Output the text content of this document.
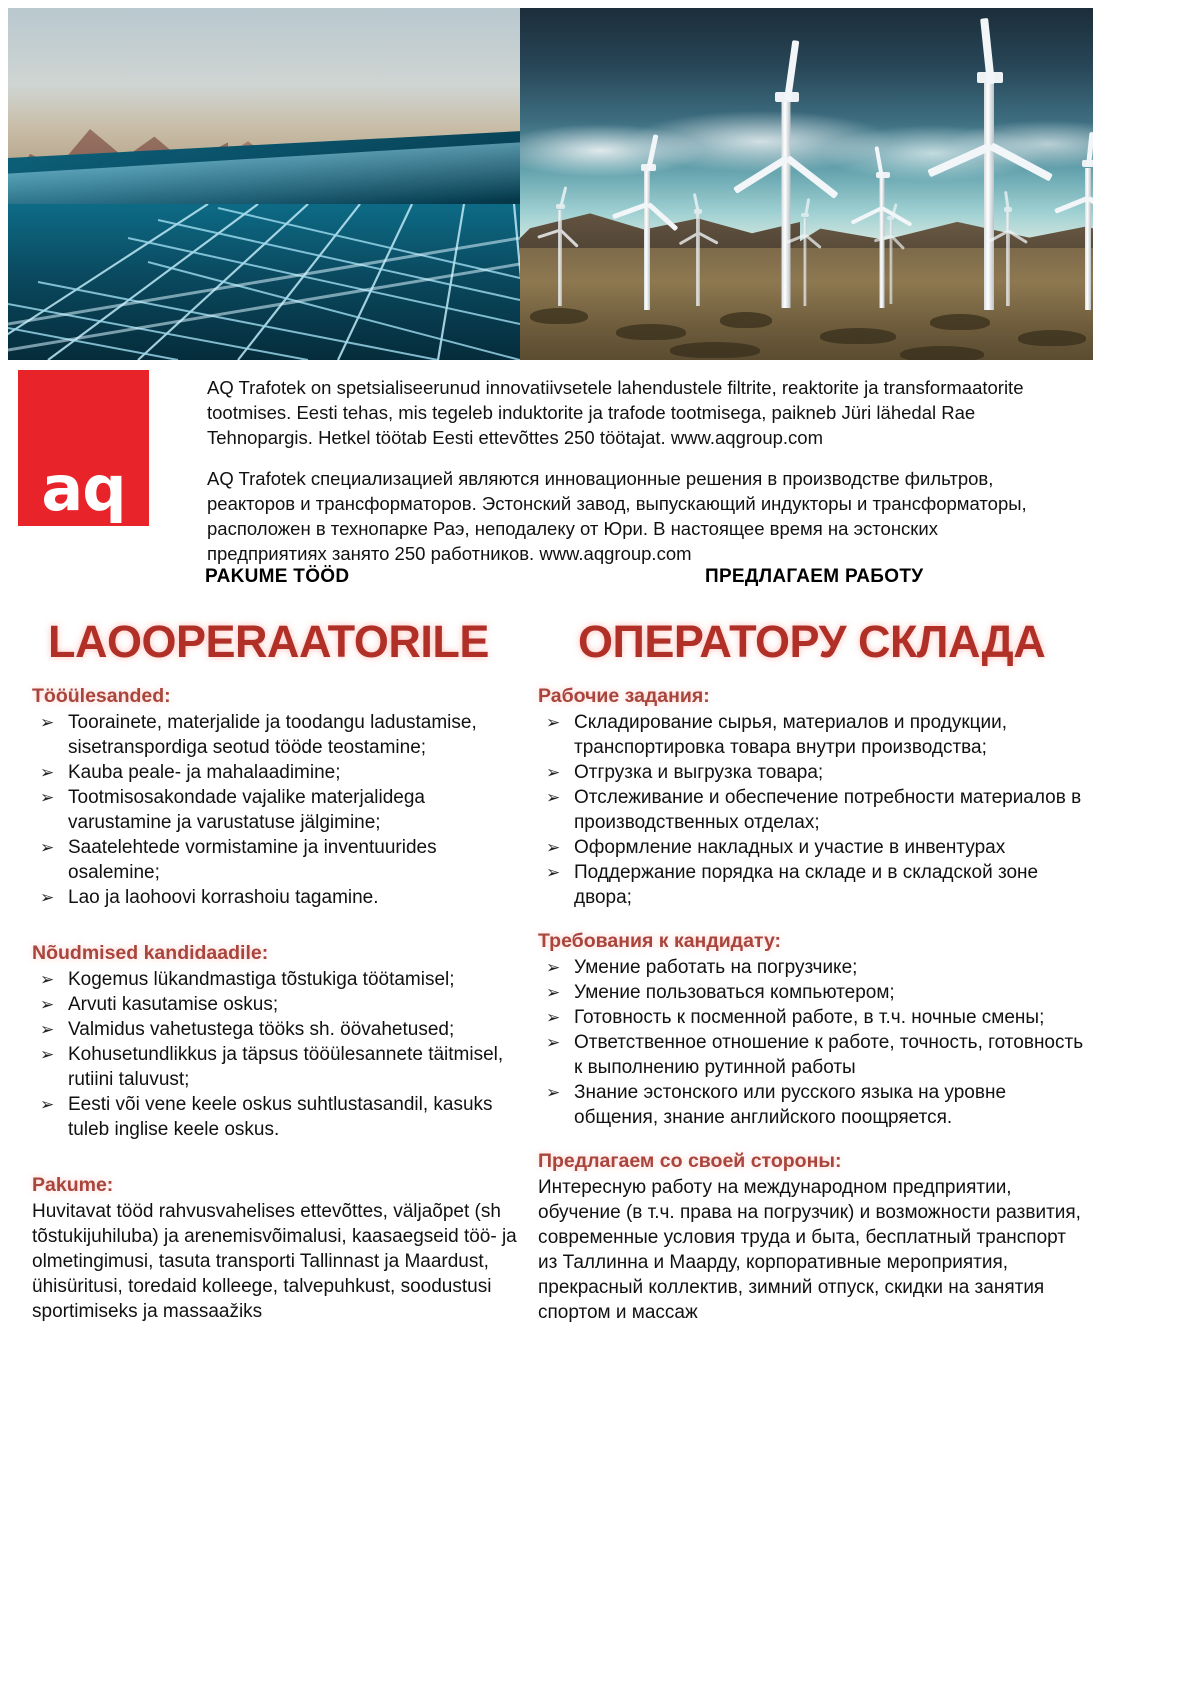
aq

AQ Trafotek on spetsialiseerunud innovatiivsetele lahendustele filtrite, reaktorite ja transformaatorite tootmises. Eesti tehas, mis tegeleb induktorite ja trafode tootmisega, paikneb Jüri lähedal Rae Tehnopargis. Hetkel töötab Eesti ettevõttes 250 töötajat. www.aqgroup.com

AQ Trafotek специализацией являются инновационные решения в производстве фильтров, реакторов и трансформаторов. Эстонский завод, выпускающий индукторы и трансформаторы, расположен в технопарке Раэ, неподалеку от Юри. В настоящее время на эстонских предприятиях занято 250 работников. www.aqgroup.com

PAKUME TÖÖD	ПРЕДЛАГАЕМ РАБОТУ
LAOOPERAATORILE ОПЕРАТОРУ СКЛАДА
Tööülesanded:
➢ Toorainete, materjalide ja toodangu ladustamise, sisetranspordiga seotud tööde teostamine;
➢ Kauba peale- ja mahalaadimine;
➢ Tootmisosakondade vajalike materjalidega varustamine ja varustatuse jälgimine;
➢ Saatelehtede vormistamine ja inventuurides osalemine;
➢ Lao ja laohoovi korrashoiu tagamine.
Nõudmised kandidaadile:
➢ Kogemus lükandmastiga tõstukiga töötamisel;
➢ Arvuti kasutamise oskus;
➢ Valmidus vahetustega tööks sh. öövahetused;
➢ Kohusetundlikkus ja täpsus tööülesannete täitmisel, rutiini taluvust;
➢ Eesti või vene keele oskus suhtlustasandil, kasuks tuleb inglise keele oskus.
Pakume:

Huvitavat tööd rahvusvahelises ettevõttes, väljaõpet (sh tõstukijuhiluba) ja arenemisvõimalusi, kaasaegseid töö- ja olmetingimusi, tasuta transporti Tallinnast ja Maardust, ühisüritusi, toredaid kolleege, talvepuhkust, soodustusi sportimiseks ja massaažiks

Рабочие задания:
➢ Складирование сырья, материалов и продукции, транспортировка товара внутри производства;
➢ Отгрузка и выгрузка товара;
➢ Отслеживание и обеспечение потребности материалов в производственных отделах;
➢ Оформление накладных и участие в инвентурах
➢ Поддержание порядка на складе и в складской зоне двора;
Требования к кандидату:
➢ Умение работать на погрузчике;
➢ Умение пользоваться компьютером;
➢ Готовность к посменной работе, в т.ч. ночные смены;
➢ Ответственное отношение к работе, точность, готовность к выполнению рутинной работы
➢ Знание эстонского или русского языка на уровне общения, знание английского поощряется.
Предлагаем со своей стороны:

Интересную работу на международном предприятии, обучение (в т.ч. права на погрузчик) и возможности развития, современные условия труда и быта, бесплатный транспорт из Таллинна и Маарду, корпоративные мероприятия, прекрасный коллектив, зимний отпуск, скидки на занятия спортом и массаж
